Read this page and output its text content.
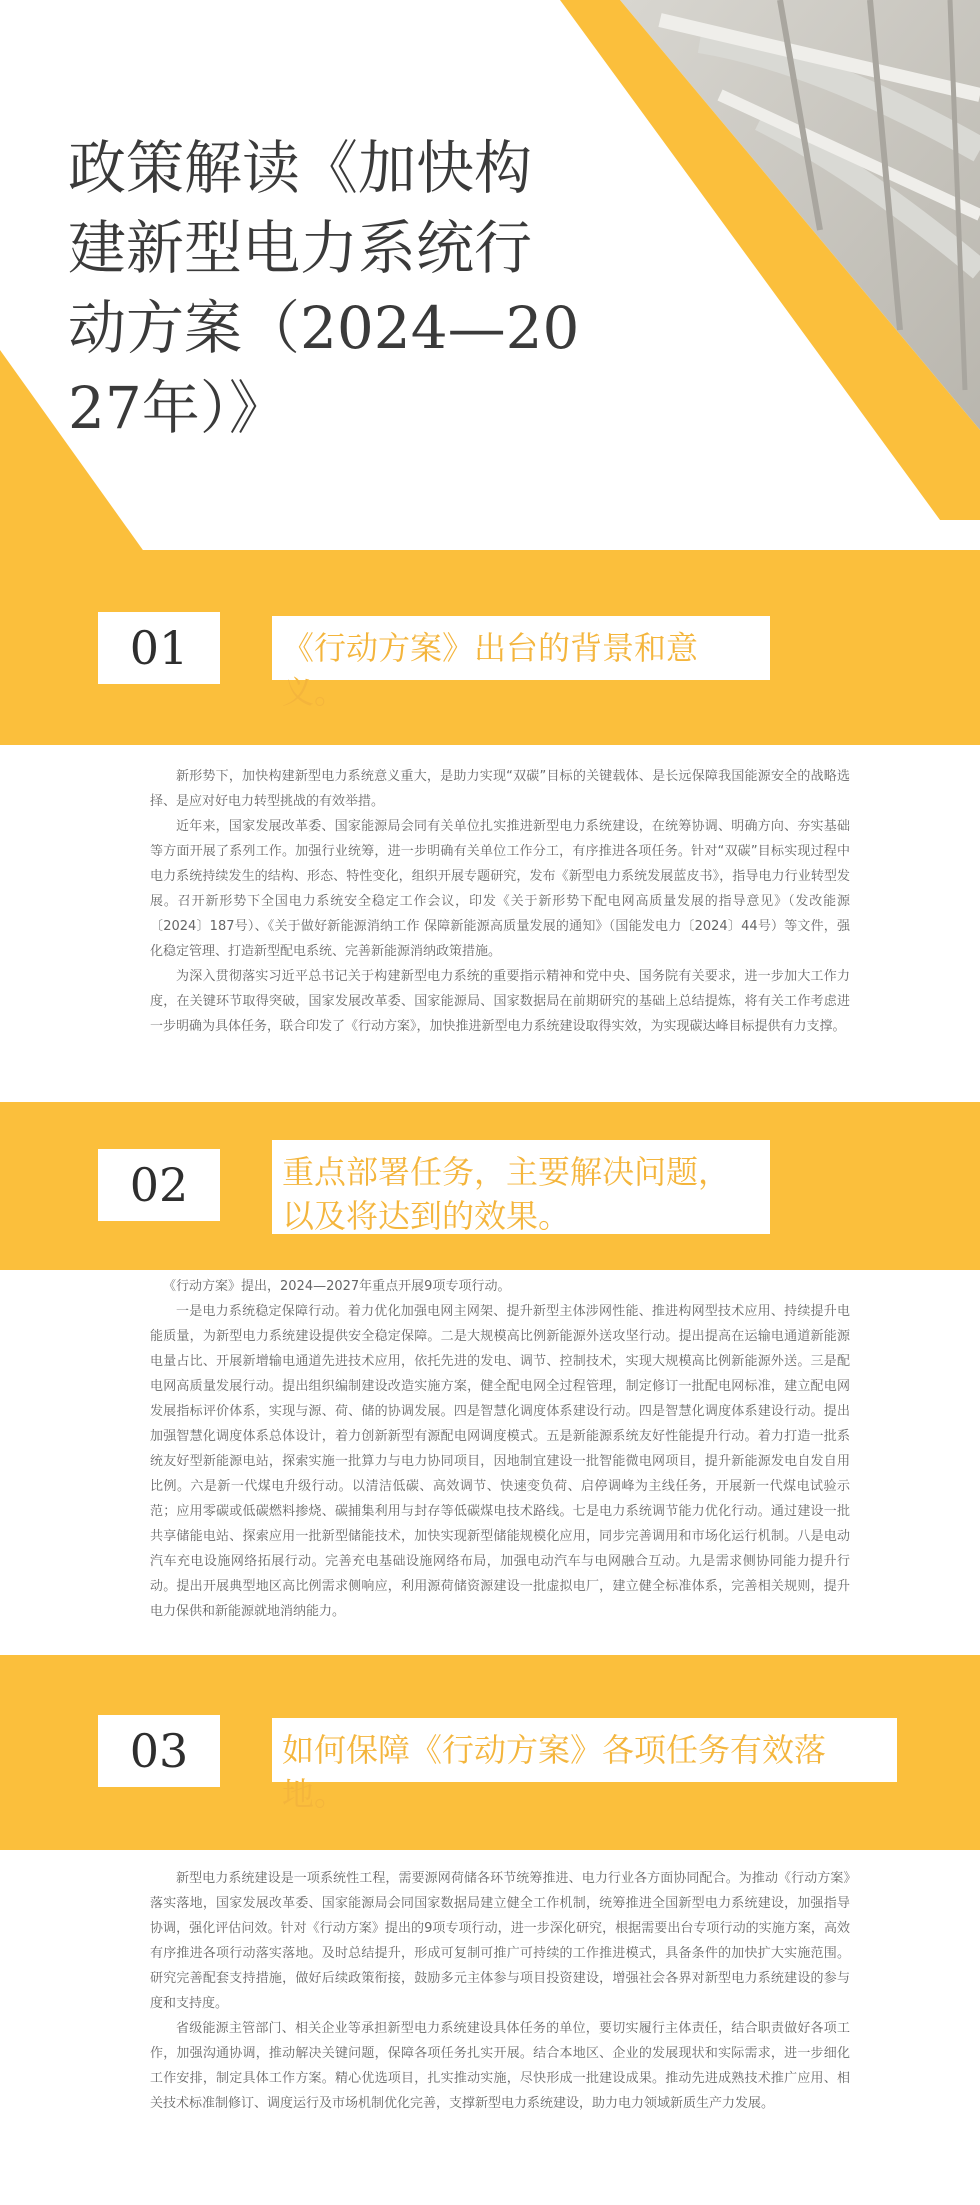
政策解读《加快构建新型电力系统行动方案（2024—2027年）》
01	《行动方案》出台的背景和意义。

新形势下，加快构建新型电力系统意义重大，是助力实现“双碳”目标的关键载体、是长远保障我国能源安全的战略选择、是应对好电力转型挑战的有效举措。

近年来，国家发展改革委、国家能源局会同有关单位扎实推进新型电力系统建设，在统筹协调、明确方向、夯实基础等方面开展了系列工作。加强行业统筹，进一步明确有关单位工作分工，有序推进各项任务。针对“双碳”目标实现过程中电力系统持续发生的结构、形态、特性变化，组织开展专题研究，发布《新型电力系统发展蓝皮书》，指导电力行业转型发展。召开新形势下全国电力系统安全稳定工作会议，印发《关于新形势下配电网高质量发展的指导意见》（发改能源〔2024〕187号）、《关于做好新能源消纳工作 保障新能源高质量发展的通知》（国能发电力〔2024〕44号）等文件，强化稳定管理、打造新型配电系统、完善新能源消纳政策措施。

为深入贯彻落实习近平总书记关于构建新型电力系统的重要指示精神和党中央、国务院有关要求，进一步加大工作力度，在关键环节取得突破，国家发展改革委、国家能源局、国家数据局在前期研究的基础上总结提炼，将有关工作考虑进一步明确为具体任务，联合印发了《行动方案》，加快推进新型电力系统建设取得实效，为实现碳达峰目标提供有力支撑。

02	重点部署任务，主要解决问题，以及将达到的效果。

《行动方案》提出，2024—2027年重点开展9项专项行动。

一是电力系统稳定保障行动。着力优化加强电网主网架、提升新型主体涉网性能、推进构网型技术应用、持续提升电能质量，为新型电力系统建设提供安全稳定保障。二是大规模高比例新能源外送攻坚行动。提出提高在运输电通道新能源电量占比、开展新增输电通道先进技术应用，依托先进的发电、调节、控制技术，实现大规模高比例新能源外送。三是配电网高质量发展行动。提出组织编制建设改造实施方案，健全配电网全过程管理，制定修订一批配电网标准，建立配电网发展指标评价体系，实现与源、荷、储的协调发展。四是智慧化调度体系建设行动。四是智慧化调度体系建设行动。提出加强智慧化调度体系总体设计，着力创新新型有源配电网调度模式。五是新能源系统友好性能提升行动。着力打造一批系统友好型新能源电站，探索实施一批算力与电力协同项目，因地制宜建设一批智能微电网项目，提升新能源发电自发自用比例。六是新一代煤电升级行动。以清洁低碳、高效调节、快速变负荷、启停调峰为主线任务，开展新一代煤电试验示范；应用零碳或低碳燃料掺烧、碳捕集利用与封存等低碳煤电技术路线。七是电力系统调节能力优化行动。通过建设一批共享储能电站、探索应用一批新型储能技术，加快实现新型储能规模化应用，同步完善调用和市场化运行机制。八是电动汽车充电设施网络拓展行动。完善充电基础设施网络布局，加强电动汽车与电网融合互动。九是需求侧协同能力提升行动。提出开展典型地区高比例需求侧响应，利用源荷储资源建设一批虚拟电厂，建立健全标准体系，完善相关规则，提升电力保供和新能源就地消纳能力。

03	如何保障《行动方案》各项任务有效落地。

新型电力系统建设是一项系统性工程，需要源网荷储各环节统筹推进、电力行业各方面协同配合。为推动《行动方案》落实落地，国家发展改革委、国家能源局会同国家数据局建立健全工作机制，统筹推进全国新型电力系统建设，加强指导协调，强化评估问效。针对《行动方案》提出的9项专项行动，进一步深化研究，根据需要出台专项行动的实施方案，高效有序推进各项行动落实落地。及时总结提升，形成可复制可推广可持续的工作推进模式，具备条件的加快扩大实施范围。研究完善配套支持措施，做好后续政策衔接，鼓励多元主体参与项目投资建设，增强社会各界对新型电力系统建设的参与度和支持度。

省级能源主管部门、相关企业等承担新型电力系统建设具体任务的单位，要切实履行主体责任，结合职责做好各项工作，加强沟通协调，推动解决关键问题，保障各项任务扎实开展。结合本地区、企业的发展现状和实际需求，进一步细化工作安排，制定具体工作方案。精心优选项目，扎实推动实施，尽快形成一批建设成果。推动先进成熟技术推广应用、相关技术标准制修订、调度运行及市场机制优化完善，支撑新型电力系统建设，助力电力领域新质生产力发展。
